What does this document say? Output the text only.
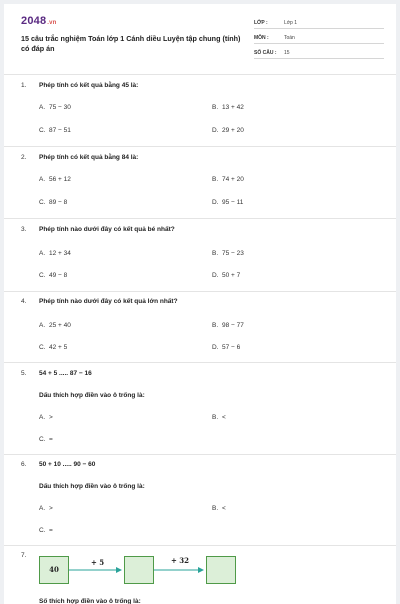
2048.vn
15 câu trắc nghiệm Toán lớp 1 Cánh diều Luyện tập chung (tính) có đáp án
LỚP :	Lớp 1
MÔN :	Toán
SỐ CÂU : 15
1. Phép tính có kết quả bằng 45 là:
A. 75 − 30	B. 13 + 42
C. 87 − 51	D. 29 + 20
2. Phép tính có kết quả bằng 84 là:
A. 56 + 12	B. 74 + 20
C. 89 − 8	D. 95 − 11
3. Phép tính nào dưới đây có kết quả bé nhất?
A. 12 + 34	B. 75 − 23
C. 49 − 8	D. 50 + 7
4. Phép tính nào dưới đây có kết quả lớn nhất?
A. 25 + 40	B. 98 − 77
C. 42 + 5	D. 57 − 6
5. 54 + 5 ..... 87 − 16
Dấu thích hợp điền vào ô trống là:
A. >	B. <
C. =
6. 50 + 10 ..... 90 − 60
Dấu thích hợp điền vào ô trống là:
A. >	B. <
C. =
7.
40
+ 5	+ 32
Số thích hợp điền vào ô trống là:
